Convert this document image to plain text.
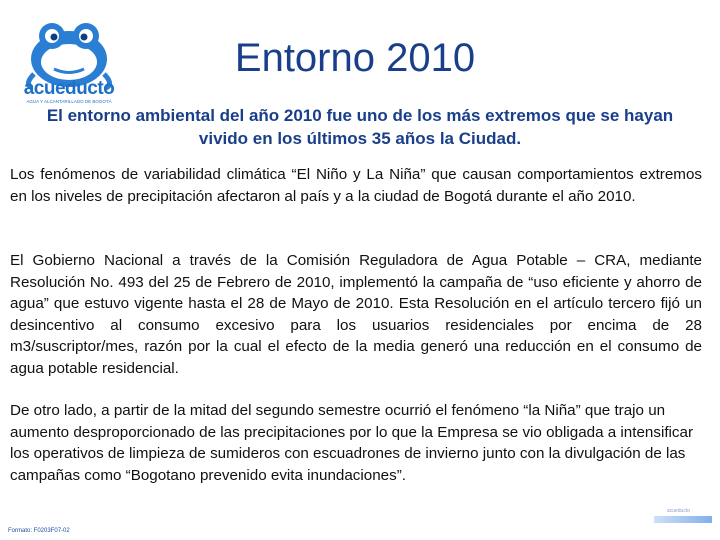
acueducto
AGUA Y ALCANTARILLADO DE BOGOTÁ
Entorno 2010
El entorno ambiental del año 2010 fue uno de los más extremos que se hayan vivido en los últimos 35 años la Ciudad.

Los fenómenos de variabilidad climática “El Niño y La Niña” que causan comportamientos extremos en los niveles de precipitación afectaron al país y a la ciudad de Bogotá durante el año 2010.

El Gobierno Nacional a través de la Comisión Reguladora de Agua Potable – CRA, mediante Resolución No. 493 del 25 de Febrero de 2010, implementó la campaña de “uso eficiente y ahorro de agua” que estuvo vigente hasta el 28 de Mayo de 2010. Esta Resolución en el artículo tercero fijó un desincentivo al consumo excesivo para los usuarios residenciales por encima de 28 m3/suscriptor/mes, razón por la cual el efecto de la media generó una reducción en el consumo de agua potable residencial.

De otro lado, a partir de la mitad del segundo semestre ocurrió el fenómeno “la Niña” que trajo un aumento desproporcionado de las precipitaciones por lo que la Empresa se vio obligada a intensificar los operativos de limpieza de sumideros con escuadrones de invierno junto con la divulgación de las campañas como “Bogotano prevenido evita inundaciones”.

acueducto
Formato: F0203F07-02
